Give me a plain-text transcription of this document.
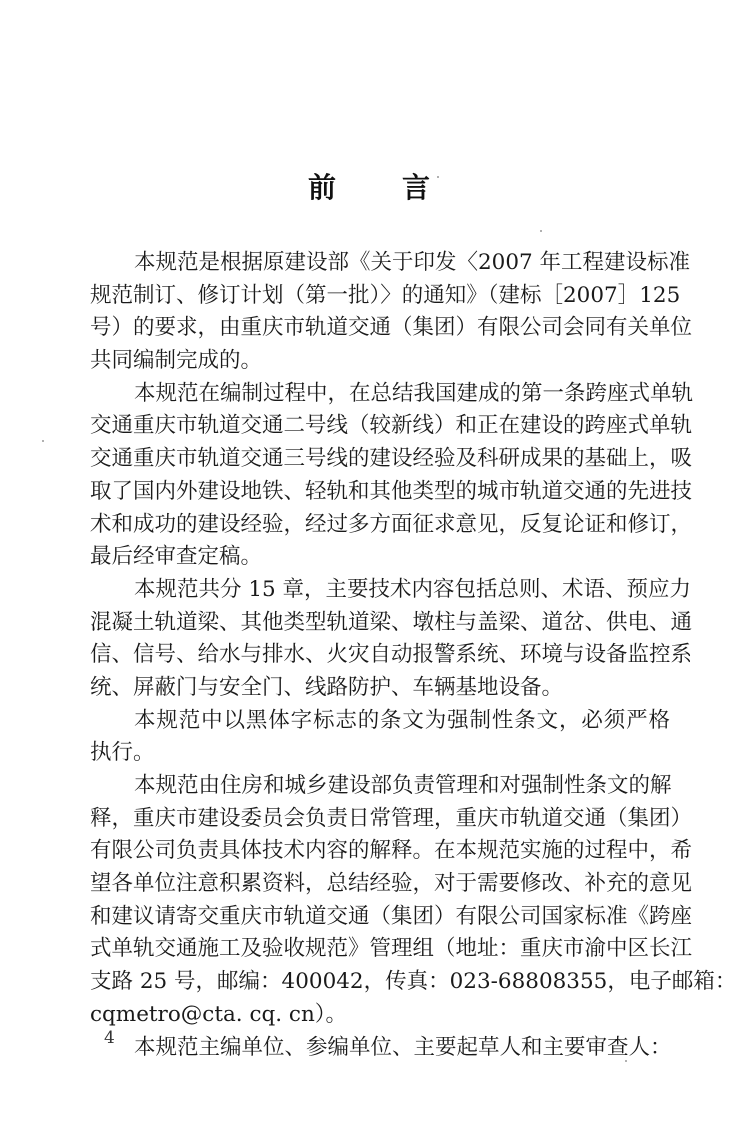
前 言
本规范是根据原建设部《关于印发〈2007 年工程建设标准
规范制订、修订计划（第一批）〉的通知》（建标［2007］125
号）的要求，由重庆市轨道交通（集团）有限公司会同有关单位
共同编制完成的。
本规范在编制过程中，在总结我国建成的第一条跨座式单轨
交通重庆市轨道交通二号线（较新线）和正在建设的跨座式单轨
交通重庆市轨道交通三号线的建设经验及科研成果的基础上，吸
取了国内外建设地铁、轻轨和其他类型的城市轨道交通的先进技
术和成功的建设经验，经过多方面征求意见，反复论证和修订，
最后经审查定稿。
本规范共分 15 章，主要技术内容包括总则、术语、预应力
混凝土轨道梁、其他类型轨道梁、墩柱与盖梁、道岔、供电、通
信、信号、给水与排水、火灾自动报警系统、环境与设备监控系
统、屏蔽门与安全门、线路防护、车辆基地设备。
本规范中以黑体字标志的条文为强制性条文，必须严格
执行。
本规范由住房和城乡建设部负责管理和对强制性条文的解
释，重庆市建设委员会负责日常管理，重庆市轨道交通（集团）
有限公司负责具体技术内容的解释。在本规范实施的过程中，希
望各单位注意积累资料，总结经验，对于需要修改、补充的意见
和建议请寄交重庆市轨道交通（集团）有限公司国家标准《跨座
式单轨交通施工及验收规范》管理组（地址：重庆市渝中区长江
支路 25 号，邮编：400042，传真：023-68808355，电子邮箱：
cqmetro@cta. cq. cn）。
本规范主编单位、参编单位、主要起草人和主要审查人：
4
